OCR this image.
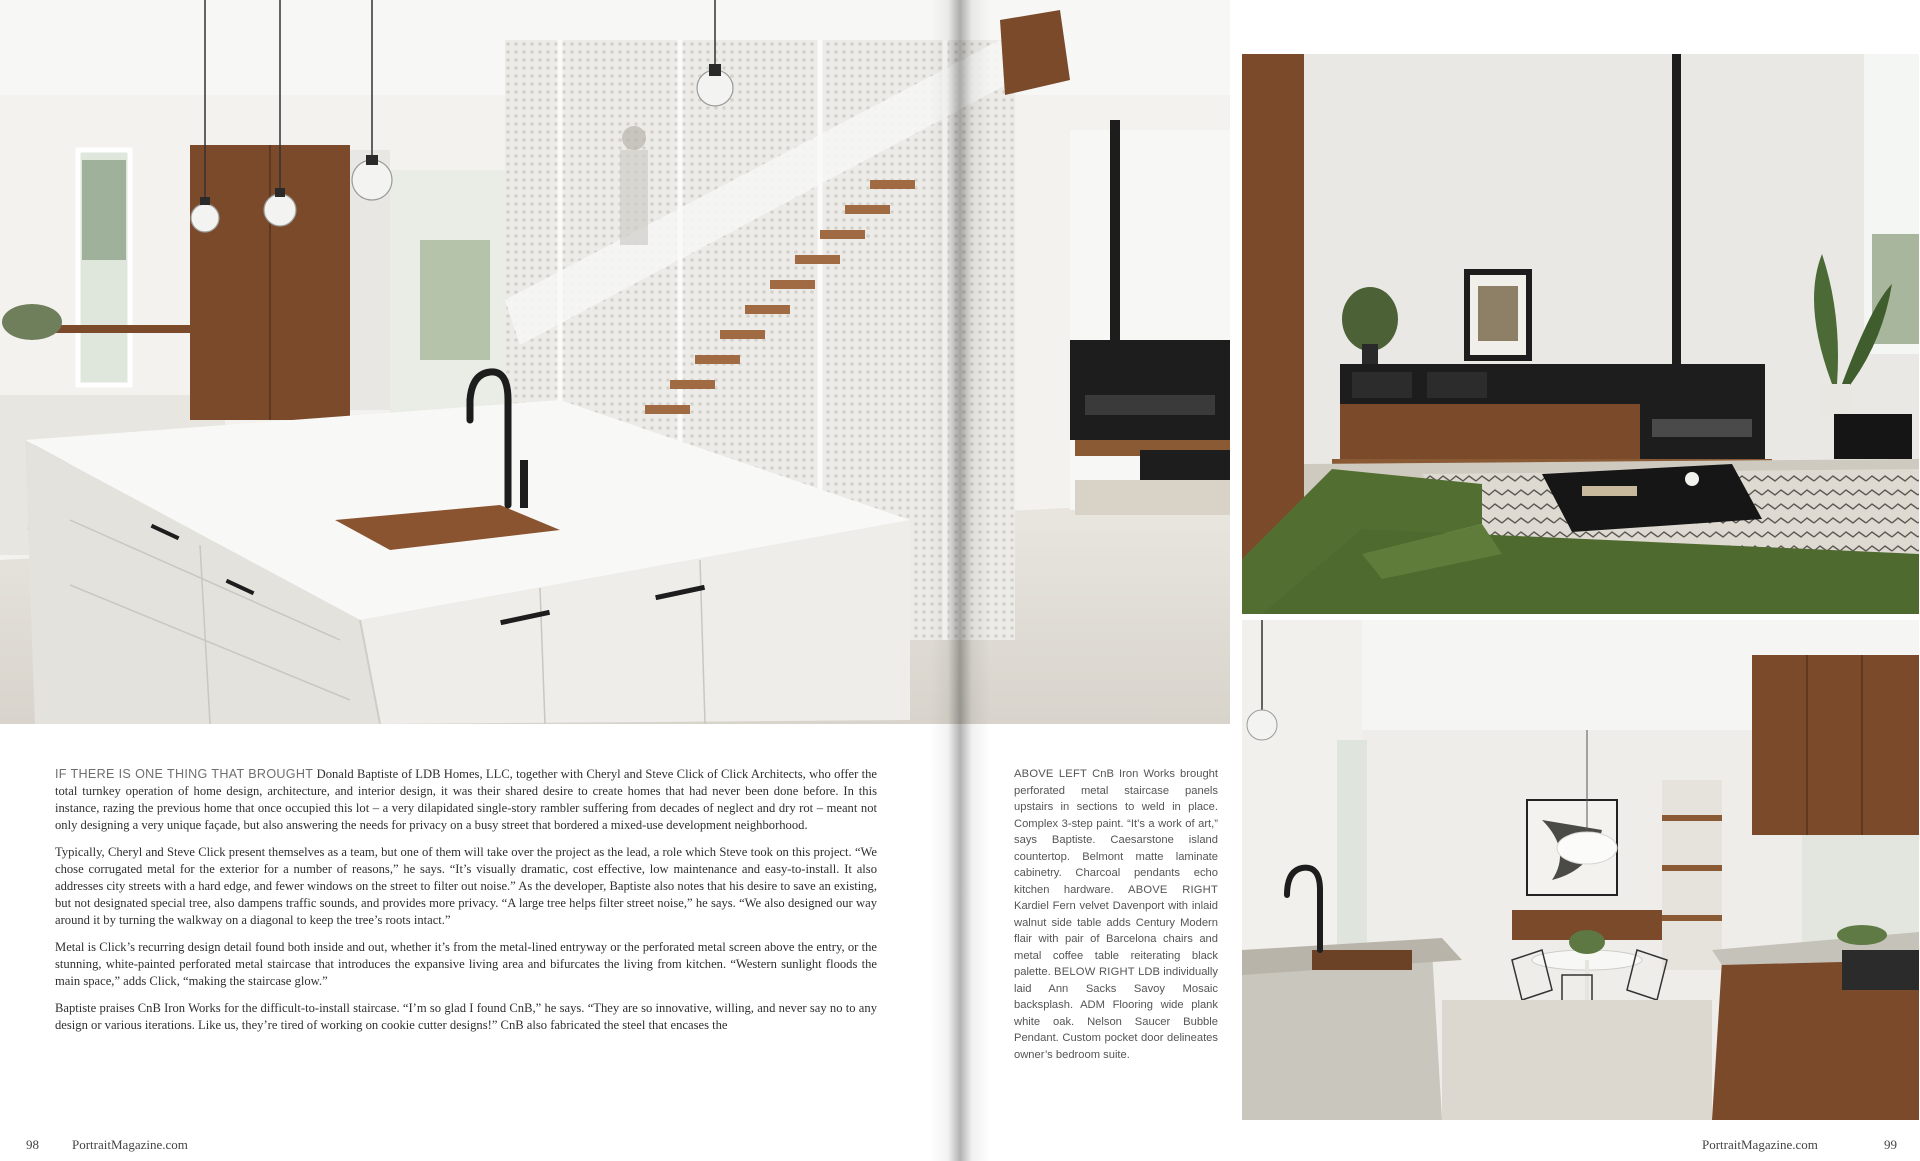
IF THERE IS ONE THING THAT BROUGHT Donald Baptiste of LDB Homes, LLC, together with Cheryl and Steve Click of Click Architects, who offer the total turnkey operation of home design, architecture, and interior design, it was their shared desire to create homes that had never been done before. In this instance, razing the previous home that once occupied this lot – a very dilapidated single-story rambler suffering from decades of neglect and dry rot – meant not only designing a very unique façade, but also answering the needs for privacy on a busy street that bordered a mixed-use development neighborhood.

Typically, Cheryl and Steve Click present themselves as a team, but one of them will take over the project as the lead, a role which Steve took on this project. “We chose corrugated metal for the exterior for a number of reasons,” he says. “It’s visually dramatic, cost effective, low maintenance and easy-to-install. It also addresses city streets with a hard edge, and fewer windows on the street to filter out noise.” As the developer, Baptiste also notes that his desire to save an existing, but not designated special tree, also dampens traffic sounds, and provides more privacy. “A large tree helps filter street noise,” he says. “We also designed our way around it by turning the walkway on a diagonal to keep the tree’s roots intact.”

Metal is Click’s recurring design detail found both inside and out, whether it’s from the metal-lined entryway or the perforated metal screen above the entry, or the stunning, white-painted perforated metal staircase that introduces the expansive living area and bifurcates the living from kitchen. “Western sunlight floods the main space,” adds Click, “making the staircase glow.”

Baptiste praises CnB Iron Works for the difficult-to-install staircase. “I’m so glad I found CnB,” he says. “They are so innovative, willing, and never say no to any design or various iterations. Like us, they’re tired of working on cookie cutter designs!” CnB also fabricated the steel that encases the

ABOVE LEFT CnB Iron Works brought perforated metal staircase panels upstairs in sections to weld in place. Complex 3-step paint. “It’s a work of art,” says Baptiste. Caesarstone island countertop. Belmont matte laminate cabinetry. Charcoal pendants echo kitchen hardware. ABOVE RIGHT Kardiel Fern velvet Davenport with inlaid walnut side table adds Century Modern flair with pair of Barcelona chairs and metal coffee table reiterating black palette. BELOW RIGHT LDB individually laid Ann Sacks Savoy Mosaic backsplash. ADM Flooring wide plank white oak. Nelson Saucer Bubble Pendant. Custom pocket door delineates owner’s bedroom suite.
98	PortraitMagazine.com	PortraitMagazine.com	99
